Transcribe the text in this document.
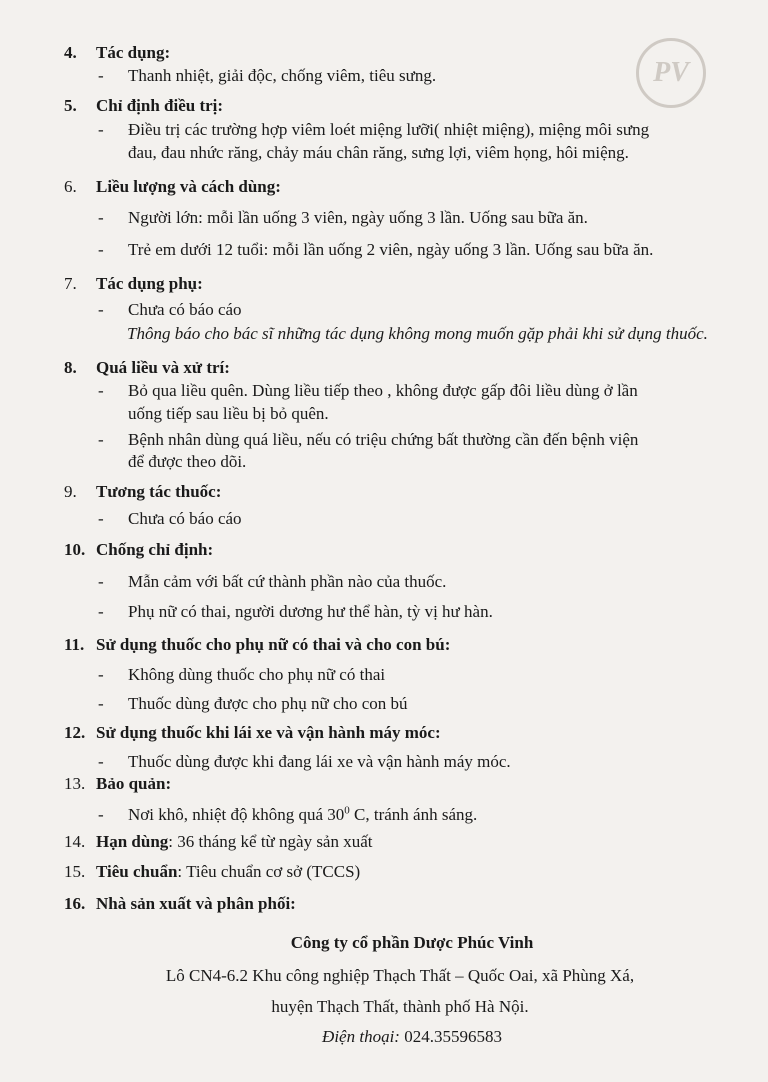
PV
4. Tác dụng:
- Thanh nhiệt, giải độc, chống viêm, tiêu sưng.
5. Chỉ định điều trị:
- Điều trị các trường hợp viêm loét miệng lưỡi( nhiệt miệng), miệng môi sưng
đau, đau nhức răng, chảy máu chân răng, sưng lợi, viêm họng, hôi miệng.
6. Liều lượng và cách dùng:
- Người lớn: mỗi lần uống 3 viên, ngày uống 3 lần. Uống sau bữa ăn.
- Trẻ em dưới 12 tuổi: mỗi lần uống 2 viên, ngày uống 3 lần. Uống sau bữa ăn.
7. Tác dụng phụ:
- Chưa có báo cáo
Thông báo cho bác sĩ những tác dụng không mong muốn gặp phải khi sử dụng thuốc.
8. Quá liều và xử trí:
- Bỏ qua liều quên. Dùng liều tiếp theo , không được gấp đôi liều dùng ở lần
uống tiếp sau liều bị bỏ quên.
- Bệnh nhân dùng quá liều, nếu có triệu chứng bất thường cần đến bệnh viện
để được theo dõi.
9. Tương tác thuốc:
- Chưa có báo cáo
10. Chống chỉ định:
- Mẫn cảm với bất cứ thành phần nào của thuốc.
- Phụ nữ có thai, người dương hư thể hàn, tỳ vị hư hàn.
11. Sử dụng thuốc cho phụ nữ có thai và cho con bú:
- Không dùng thuốc cho phụ nữ có thai
- Thuốc dùng được cho phụ nữ cho con bú
12. Sử dụng thuốc khi lái xe và vận hành máy móc:
- Thuốc dùng được khi đang lái xe và vận hành máy móc.
13. Bảo quản:
- Nơi khô, nhiệt độ không quá $30^0$ C, tránh ánh sáng.
14. Hạn dùng: 36 tháng kể từ ngày sản xuất
15. Tiêu chuẩn: Tiêu chuẩn cơ sở (TCCS)
16. Nhà sản xuất và phân phối:
Công ty cổ phần Dược Phúc Vinh
Lô CN4-6.2 Khu công nghiệp Thạch Thất – Quốc Oai, xã Phùng Xá,
huyện Thạch Thất, thành phố Hà Nội.
Điện thoại: 024.35596583
